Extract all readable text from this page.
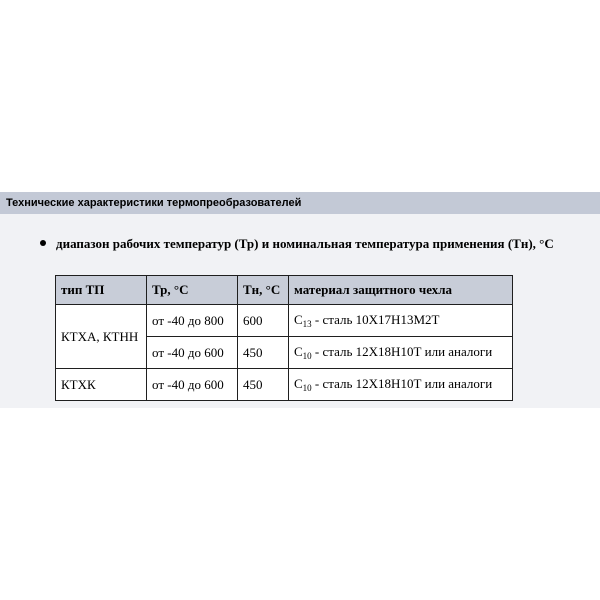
Технические характеристики термопреобразователей
диапазон рабочих температур (Тр) и номинальная температура применения (Тн), °С
тип ТП	Тр, °С	Тн, °С	материал защитного чехла
КТХА, КТНН	от -40 до 800	600	$С_{13}$ - сталь 10Х17Н13М2Т
	от -40 до 600	450	$С_{10}$ - сталь 12Х18Н10Т или аналоги
КТХК	от -40 до 600	450	$С_{10}$ - сталь 12Х18Н10Т или аналоги
